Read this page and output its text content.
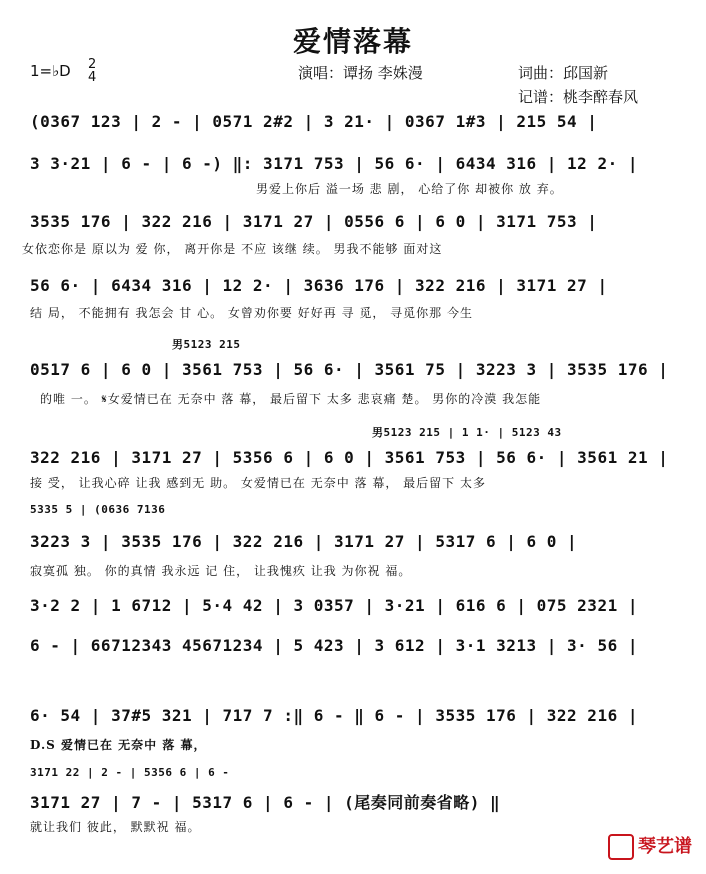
爱情落幕
1=♭D 2
4	演唱：谭扬 李姝漫	词曲：邱国新
记谱：桃李醉春风
男5123 215
男5123 215 | 1 1· | 5123 43
5335 5 | (0636 7136
3171 22 | 2 - | 5356 6 | 6 -
(0367 123 | 2 - | 0571 2#2 | 3 21· | 0367 1#3 | 215 54 |
3 3·21 | 6 - | 6 -) ‖: 3171 753 | 56 6· | 6434 316 | 12 2· |
男爱上你后 溢一场 悲 剧， 心给了你 却被你 放 弃。
3535 176 | 322 216 | 3171 27 | 0556 6 | 6 0 | 3171 753 |
女依恋你是 原以为 爱 你， 离开你是 不应 该继 续。 男我不能够 面对这
56 6· | 6434 316 | 12 2· | 3636 176 | 322 216 | 3171 27 |
结 局， 不能拥有 我怎会 甘 心。 女曾劝你要 好好再 寻 觅， 寻觅你那 今生
0517 6 | 6 0 | 3561 753 | 56 6· | 3561 75 | 3223 3 | 3535 176 |
的唯 一。 𝄋女爱情已在 无奈中 落 幕， 最后留下 太多 悲哀痛 楚。 男你的冷漠 我怎能
322 216 | 3171 27 | 5356 6 | 6 0 | 3561 753 | 56 6· | 3561 21 |
接 受， 让我心碎 让我 感到无 助。 女爱情已在 无奈中 落 幕， 最后留下 太多
3223 3 | 3535 176 | 322 216 | 3171 27 | 5317 6 | 6 0 |
寂寞孤 独。 你的真情 我永远 记 住， 让我愧疚 让我 为你祝 福。
3·2 2 | 1 6712 | 5·4 42 | 3 0357 | 3·21 | 616 6 | 075 2321 |
6 - | 66712343 45671234 | 5 423 | 3 612 | 3·1 3213 | 3· 56 |
6· 54 | 37#5 321 | 717 7 :‖ 6 - ‖ 6 - | 3535 176 | 322 216 |
D.S 爱情已在 无奈中 落 幕，
3171 27 | 7 - | 5317 6 | 6 - | (尾奏同前奏省略) ‖
就让我们 彼此， 默默祝 福。
琴艺谱
